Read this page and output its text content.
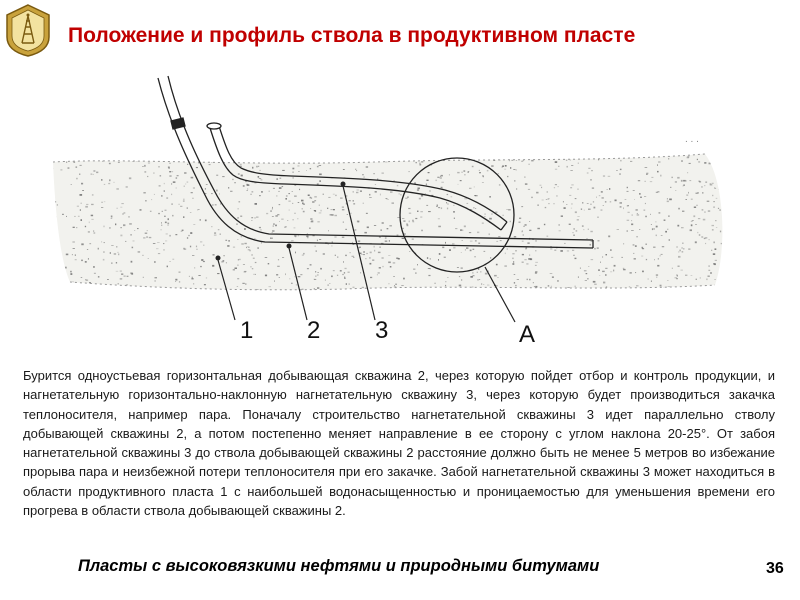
Положение и профиль ствола в продуктивном пласте
. . .
1 2 3	A
Бурится одноустьевая горизонтальная добывающая скважина 2, через которую пойдет отбор и контроль продукции, и нагнетательную горизонтально-наклонную нагнетательную скважину 3, через которую будет производиться закачка теплоносителя, например пара. Поначалу строительство нагнетательной скважины 3 идет параллельно стволу добывающей скважины 2, а потом постепенно меняет направление в ее сторону с углом наклона 20-25°. От забоя нагнетательной скважины 3 до ствола добывающей скважины 2 расстояние должно быть не менее 5 метров во избежание прорыва пара и неизбежной потери теплоносителя при его закачке. Забой нагнетательной скважины 3 может находиться в области продуктивного пласта 1 с наибольшей водонасыщенностью и проницаемостью для уменьшения времени его прогрева в области ствола добывающей скважины 2.
Пласты с высоковязкими нефтями и природными битумами	36
